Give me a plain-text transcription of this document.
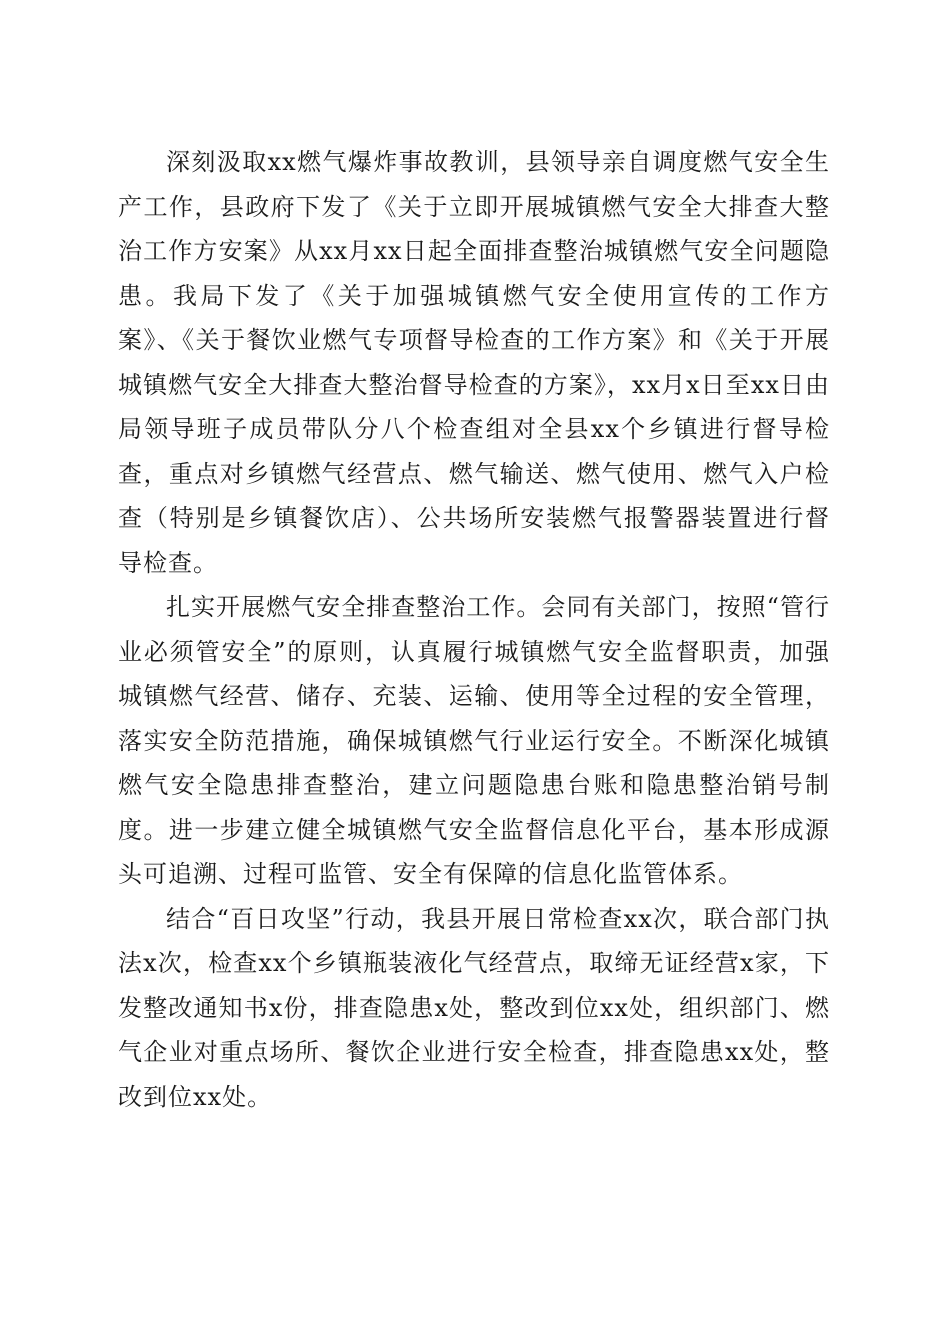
深刻汲取xx燃气爆炸事故教训，县领导亲自调度燃气安全生产工作，县政府下发了《关于立即开展城镇燃气安全大排查大整治工作方安案》从xx月xx日起全面排查整治城镇燃气安全问题隐患。我局下发了《关于加强城镇燃气安全使用宣传的工作方案》、《关于餐饮业燃气专项督导检查的工作方案》和《关于开展城镇燃气安全大排查大整治督导检查的方案》，xx月x日至xx日由局领导班子成员带队分八个检查组对全县xx个乡镇进行督导检查，重点对乡镇燃气经营点、燃气输送、燃气使用、燃气入户检查（特别是乡镇餐饮店）、公共场所安装燃气报警器装置进行督导检查。

扎实开展燃气安全排查整治工作。会同有关部门，按照“管行业必须管安全”的原则，认真履行城镇燃气安全监督职责，加强城镇燃气经营、储存、充装、运输、使用等全过程的安全管理，落实安全防范措施，确保城镇燃气行业运行安全。不断深化城镇燃气安全隐患排查整治，建立问题隐患台账和隐患整治销号制度。进一步建立健全城镇燃气安全监督信息化平台，基本形成源头可追溯、过程可监管、安全有保障的信息化监管体系。

结合“百日攻坚”行动，我县开展日常检查xx次，联合部门执法x次，检查xx个乡镇瓶装液化气经营点，取缔无证经营x家，下发整改通知书x份，排查隐患x处，整改到位xx处，组织部门、燃气企业对重点场所、餐饮企业进行安全检查，排查隐患xx处，整改到位xx处。
